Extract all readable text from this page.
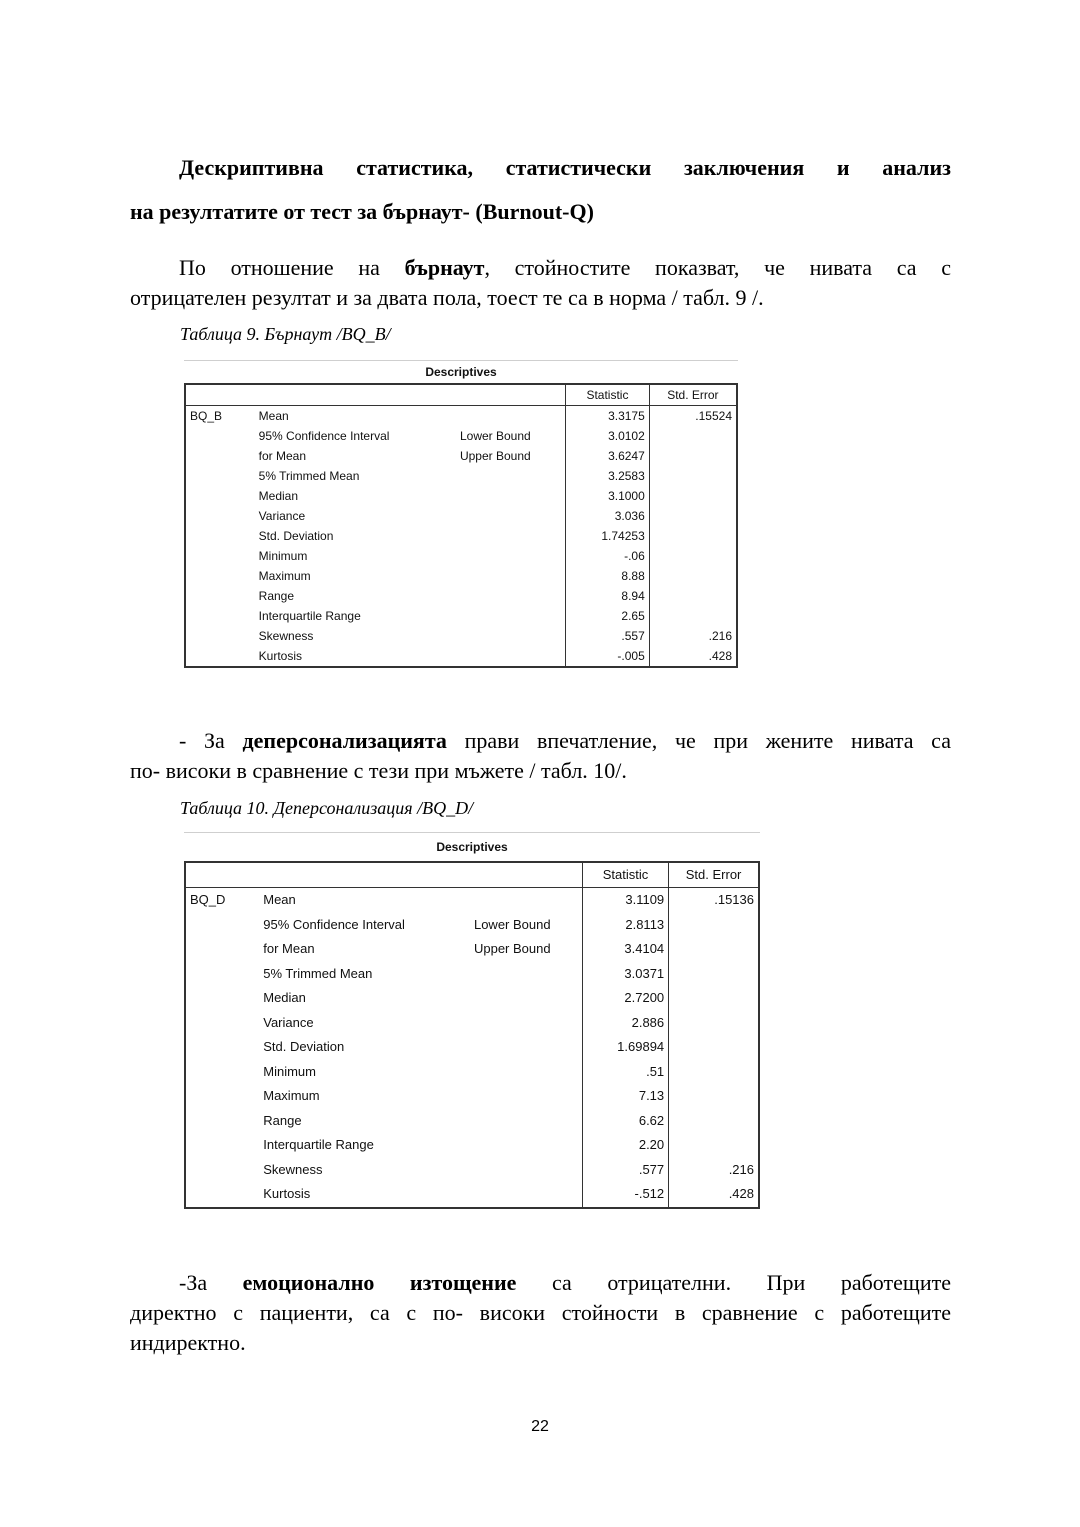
Дескриптивна статистика, статистически заключения и анализ
на резултатите от тест за бърнаут- (Burnout-Q)
По отношение на бърнаут, стойностите показват, че нивата са с
отрицателен резултат и за двата пола, тоест те са в норма / табл. 9 /.
Таблица 9. Бърнаут /BQ_B/
Descriptives
			Statistic	Std. Error
BQ_B	Mean		3.3175	.15524
	95% Confidence Interval	Lower Bound	3.0102	
	for Mean	Upper Bound	3.6247	
	5% Trimmed Mean		3.2583	
	Median		3.1000	
	Variance		3.036	
	Std. Deviation		1.74253	
	Minimum		-.06	
	Maximum		8.88	
	Range		8.94	
	Interquartile Range		2.65	
	Skewness		.557	.216
	Kurtosis		-.005	.428
- За деперсонализацията прави впечатление, че при жените нивата са
по- високи в сравнение с тези при мъжете / табл. 10/.
Таблица 10. Деперсонализация /BQ_D/
Descriptives
			Statistic	Std. Error
BQ_D	Mean		3.1109	.15136
	95% Confidence Interval	Lower Bound	2.8113	
	for Mean	Upper Bound	3.4104	
	5% Trimmed Mean		3.0371	
	Median		2.7200	
	Variance		2.886	
	Std. Deviation		1.69894	
	Minimum		.51	
	Maximum		7.13	
	Range		6.62	
	Interquartile Range		2.20	
	Skewness		.577	.216
	Kurtosis		-.512	.428
-За емоционално изтощение са отрицателни. При работещите
директно с пациенти, са с по- високи стойности в сравнение с работещите
индиректно.
22
